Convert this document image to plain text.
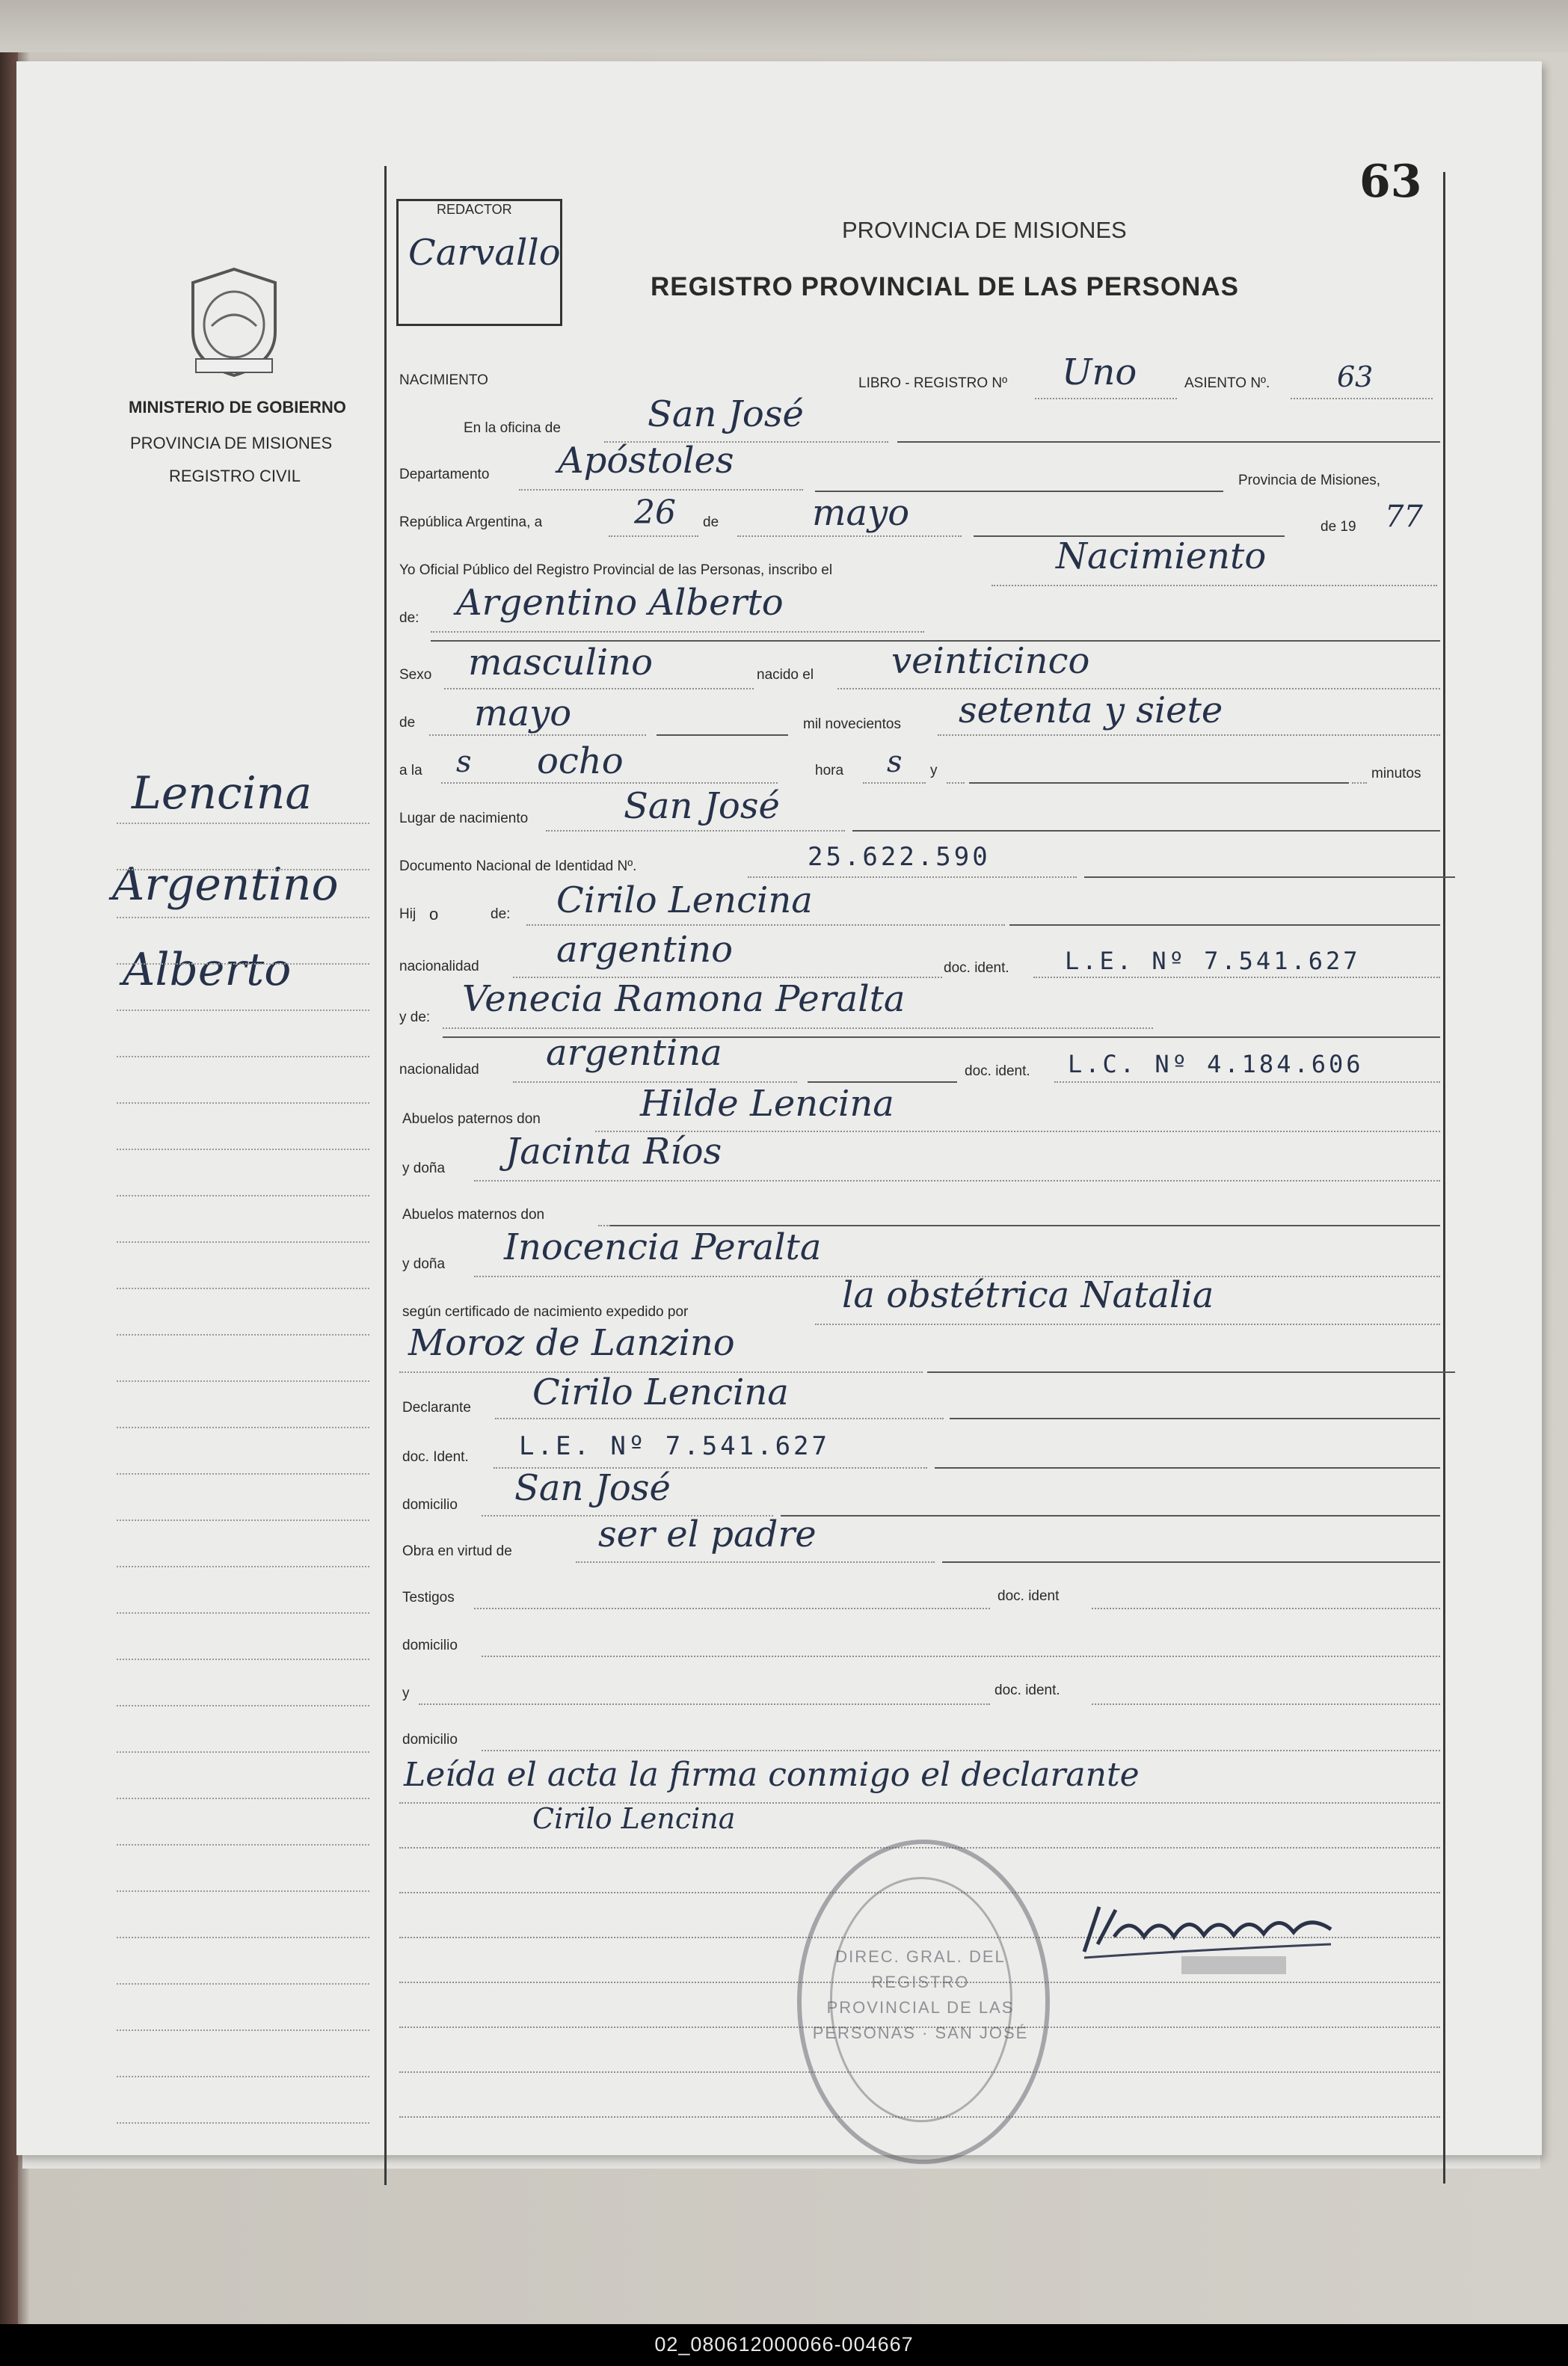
63
MINISTERIO DE GOBIERNO
PROVINCIA DE MISIONES
REGISTRO CIVIL
Lencina
Argentino
Alberto
REDACTOR
Carvallo
PROVINCIA DE MISIONES
REGISTRO PROVINCIAL DE LAS PERSONAS
NACIMIENTO	LIBRO - REGISTRO Nº Uno	ASIENTO Nº. 63
En la oficina de San José
Departamento Apóstoles	Provincia de Misiones,
República Argentina, a	26 de	mayo	de 19 77
Yo Oficial Público del Registro Provincial de las Personas, inscribo el	Nacimiento
de: Argentino Alberto
Sexo masculino	nacido el veinticinco
de mayo	mil novecientos setenta y siete
a la s ocho	hora s y	minutos
Lugar de nacimiento	San José
Documento Nacional de Identidad Nº.	25.622.590
Hij o	de: Cirilo Lencina
nacionalidad argentino	doc. ident. L.E. Nº 7.541.627
y de: Venecia Ramona Peralta
nacionalidad argentina	doc. ident. L.C. Nº 4.184.606
Abuelos paternos don	Hilde Lencina
y doña Jacinta Ríos
Abuelos maternos don
y doña Inocencia Peralta
según certificado de nacimiento expedido por	la obstétrica Natalia
Moroz de Lanzino
Declarante Cirilo Lencina
doc. Ident. L.E. Nº 7.541.627
domicilio San José
Obra en virtud de ser el padre
Testigos	doc. ident
domicilio
y	doc. ident.
domicilio
Leída el acta la firma conmigo el declarante
Cirilo Lencina
DIREC. GRAL. DEL REGISTRO PROVINCIAL DE LAS PERSONAS · SAN JOSÉ
02_080612000066-004667
